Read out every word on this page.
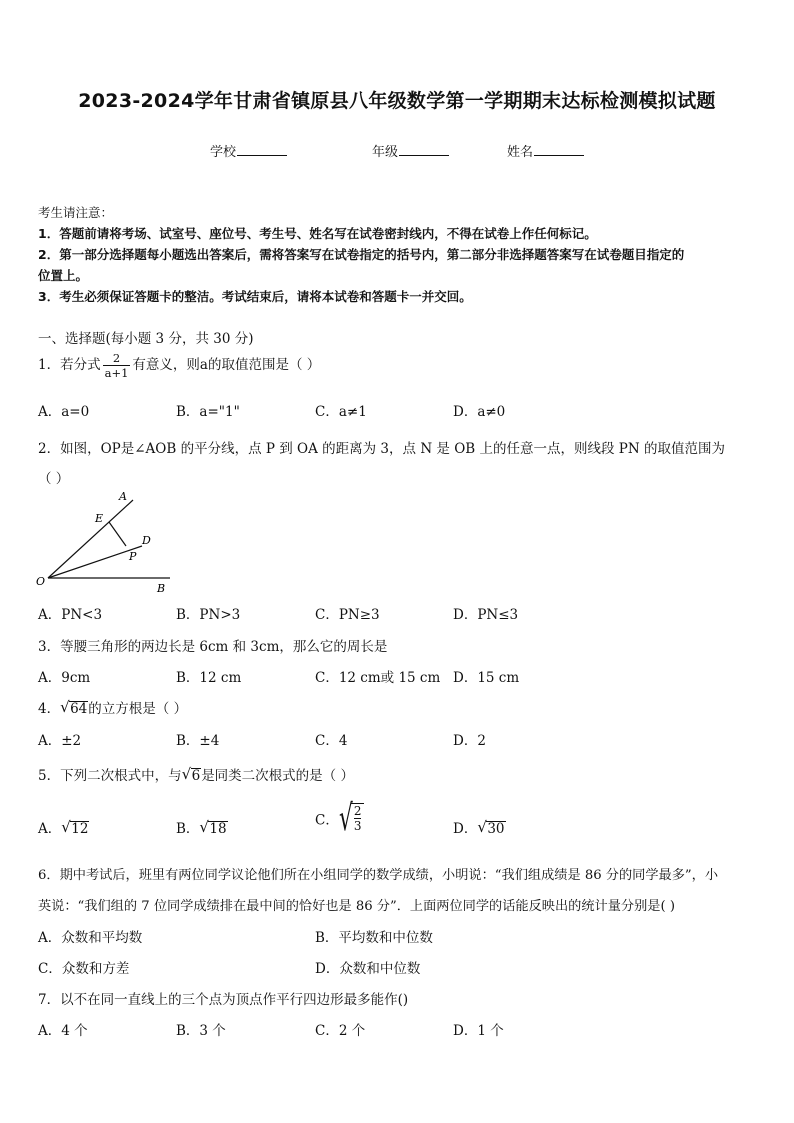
2023-2024学年甘肃省镇原县八年级数学第一学期期末达标检测模拟试题
学校	年级	姓名
考生请注意：
1．答题前请将考场、试室号、座位号、考生号、姓名写在试卷密封线内，不得在试卷上作任何标记。
2．第一部分选择题每小题选出答案后，需将答案写在试卷指定的括号内，第二部分非选择题答案写在试卷题目指定的
位置上。
3．考生必须保证答题卡的整洁。考试结束后，请将本试卷和答题卡一并交回。
一、选择题(每小题 3 分，共 30 分)
1．若分式 $\frac{2}{a+1}$ 有意义，则a的取值范围是（ ）
A．a=0	B．a="1"	C．a≠1	D．a≠0
2．如图，OP是∠AOB 的平分线，点 P 到 OA 的距离为 3，点 N 是 OB 上的任意一点，则线段 PN 的取值范围为
（ ）
A
E
D
P
O
B
A．PN<3	B．PN>3	C．PN≥3	D．PN≤3
3．等腰三角形的两边长是 6cm 和 3cm，那么它的周长是
A．9cm	B．12 cm	C．12 cm或 15 cm D．15 cm
4． √ 64的立方根是（ ）
A．±2	B．±4	C．4	D．2
5．下列二次根式中，与 √ 6是同类二次根式的是（ ）
A． √ 12	B． √ 18
C． √
$\frac{2}{3}$	D． √ 30
6．期中考试后，班里有两位同学议论他们所在小组同学的数学成绩，小明说：“我们组成绩是 86 分的同学最多”，小
英说：“我们组的 7 位同学成绩排在最中间的恰好也是 86 分”．上面两位同学的话能反映出的统计量分别是( )
A．众数和平均数	B．平均数和中位数
C．众数和方差	D．众数和中位数
7．以不在同一直线上的三个点为顶点作平行四边形最多能作()
A．4 个	B．3 个	C．2 个	D．1 个
